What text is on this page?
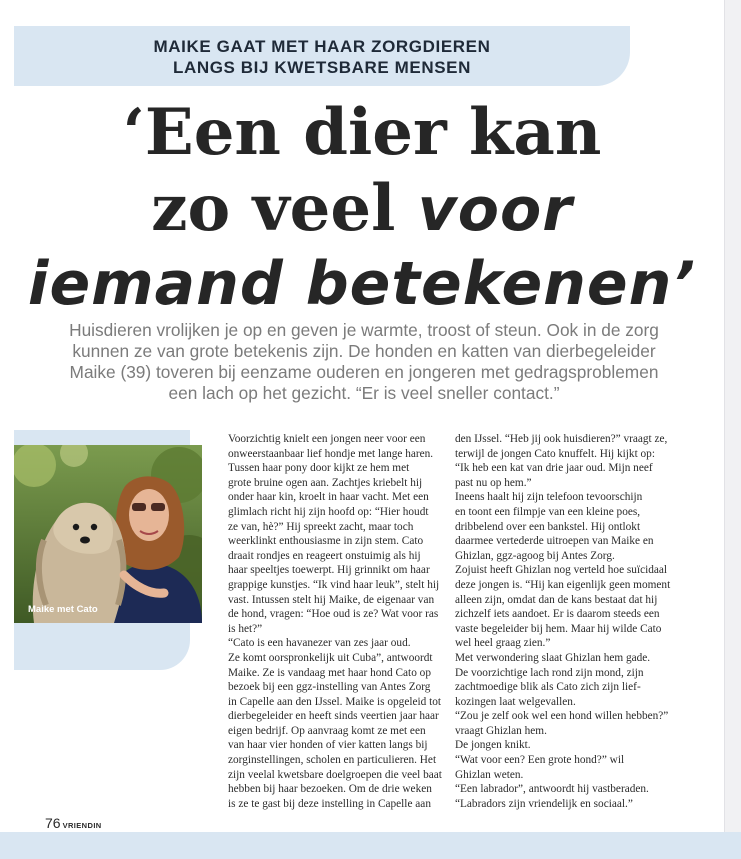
MAIKE GAAT MET HAAR ZORGDIEREN
LANGS BIJ KWETSBARE MENSEN
‘Een dier kan
zo veel voor
iemand betekenen’
Huisdieren vrolijken je op en geven je warmte, troost of steun. Ook in de zorg
kunnen ze van grote betekenis zijn. De honden en katten van dierbegeleider
Maike (39) toveren bij eenzame ouderen en jongeren met gedragsproblemen
een lach op het gezicht. “Er is veel sneller contact.”
Maike met Cato

Voorzichtig knielt een jongen neer voor een

onweerstaanbaar lief hondje met lange haren.

Tussen haar pony door kijkt ze hem met

grote bruine ogen aan. Zachtjes kriebelt hij

onder haar kin, kroelt in haar vacht. Met een

glimlach richt hij zijn hoofd op: “Hier houdt

ze van, hè?” Hij spreekt zacht, maar toch

weerklinkt enthousiasme in zijn stem. Cato

draait rondjes en reageert onstuimig als hij

haar speeltjes toewerpt. Hij grinnikt om haar

grappige kunstjes. “Ik vind haar leuk”, stelt hij

vast. Intussen stelt hij Maike, de eigenaar van

de hond, vragen: “Hoe oud is ze? Wat voor ras

is het?”

“Cato is een havanezer van zes jaar oud.

Ze komt oorspronkelijk uit Cuba”, antwoordt

Maike. Ze is vandaag met haar hond Cato op

bezoek bij een ggz-instelling van Antes Zorg

in Capelle aan den IJssel. Maike is opgeleid tot

dierbegeleider en heeft sinds veertien jaar haar

eigen bedrijf. Op aanvraag komt ze met een

van haar vier honden of vier katten langs bij

zorginstellingen, scholen en particulieren. Het

zijn veelal kwetsbare doelgroepen die veel baat

hebben bij haar bezoeken. Om de drie weken

is ze te gast bij deze instelling in Capelle aan

den IJssel. “Heb jij ook huisdieren?” vraagt ze,

terwijl de jongen Cato knuffelt. Hij kijkt op:

“Ik heb een kat van drie jaar oud. Mijn neef

past nu op hem.”

Ineens haalt hij zijn telefoon tevoorschijn

en toont een filmpje van een kleine poes,

dribbelend over een bankstel. Hij ontlokt

daarmee vertederde uitroepen van Maike en

Ghizlan, ggz-agoog bij Antes Zorg.

Zojuist heeft Ghizlan nog verteld hoe suïcidaal

deze jongen is. “Hij kan eigenlijk geen moment

alleen zijn, omdat dan de kans bestaat dat hij

zichzelf iets aandoet. Er is daarom steeds een

vaste begeleider bij hem. Maar hij wilde Cato

wel heel graag zien.”

Met verwondering slaat Ghizlan hem gade.

De voorzichtige lach rond zijn mond, zijn

zachtmoedige blik als Cato zich zijn lief-

kozingen laat welgevallen.

“Zou je zelf ook wel een hond willen hebben?”

vraagt Ghizlan hem.

De jongen knikt.

“Wat voor een? Een grote hond?” wil

Ghizlan weten.

“Een labrador”, antwoordt hij vastberaden.

“Labradors zijn vriendelijk en sociaal.”

76 VRIENDIN
